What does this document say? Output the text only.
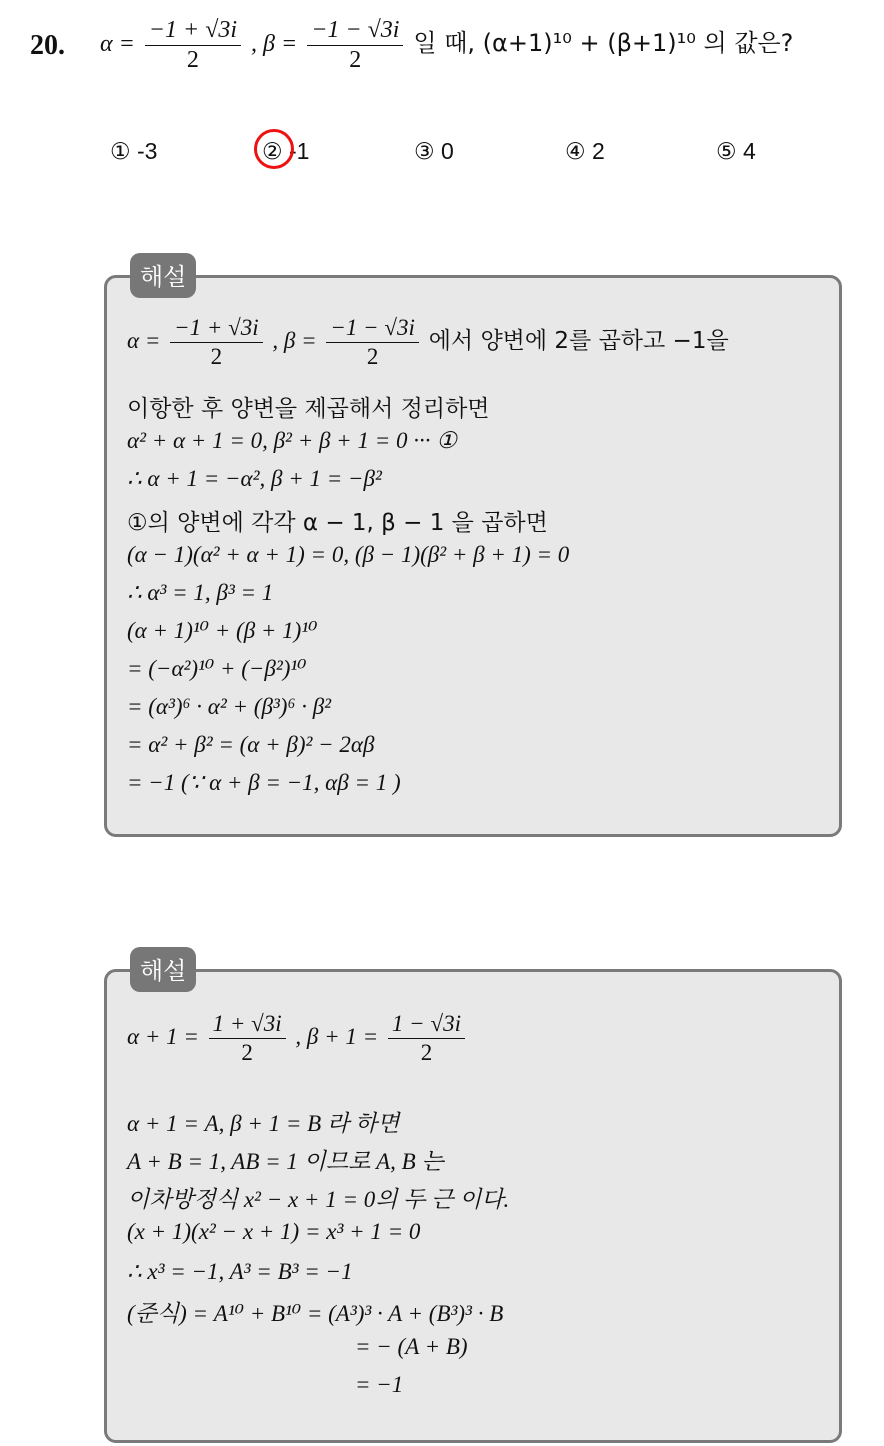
20. $\alpha = \frac{-1 + √3i}{2}$ , $\beta = \frac{-1 - √3i}{2}$ 일 때, (α+1)¹⁰ + (β+1)¹⁰ 의 값은?
① -3	② -1	③ 0	④ 2	⑤ 4
$\alpha = \frac{-1 + √3i}{2}$ , $\beta = \frac{-1 - √3i}{2}$ 에서 양변에 2를 곱하고 −1을
이항한 후 양변을 제곱해서 정리하면
α² + α + 1 = 0, β² + β + 1 = 0 ··· ①
∴ α + 1 = −α², β + 1 = −β²
①의 양변에 각각 α − 1, β − 1 을 곱하면
(α − 1)(α² + α + 1) = 0, (β − 1)(β² + β + 1) = 0
∴ α³ = 1, β³ = 1
(α + 1)¹⁰ + (β + 1)¹⁰
= (−α²)¹⁰ + (−β²)¹⁰
= (α³)⁶ · α² + (β³)⁶ · β²
= α² + β² = (α + β)² − 2αβ
= −1 (∵ α + β = −1, αβ = 1 )
해설
$\alpha + 1 = \frac{1 + √3i}{2}$ , $\beta + 1 = \frac{1 - √3i}{2}$
α + 1 = A, β + 1 = B 라 하면
A + B = 1, AB = 1 이므로 A, B 는
이차방정식 x² − x + 1 = 0의 두 근 이다.
(x + 1)(x² − x + 1) = x³ + 1 = 0
∴ x³ = −1, A³ = B³ = −1
(준식) = A¹⁰ + B¹⁰ = (A³)³ · A + (B³)³ · B
= − (A + B)
= −1
해설
